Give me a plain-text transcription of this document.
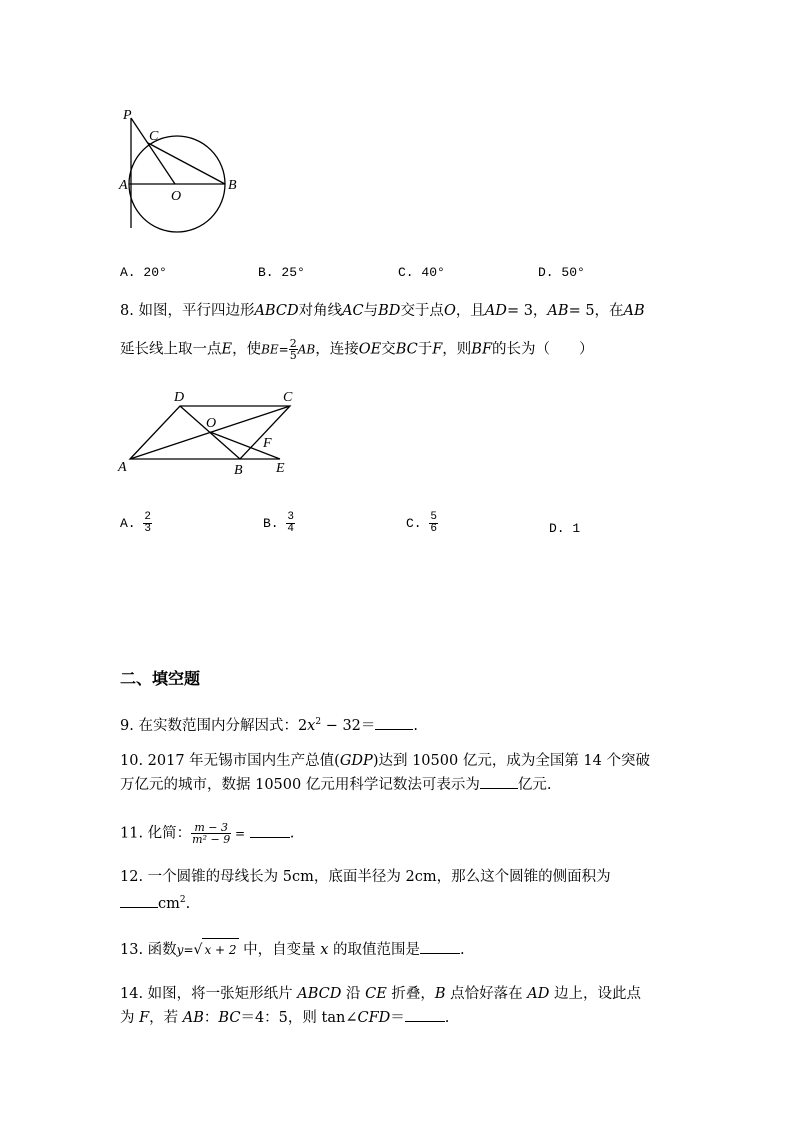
P
C
A
O
B
A. 20°	B. 25°	C. 40°	D. 50°
8. 如图，平行四边形ABCD对角线AC与BD交于点O，且AD= 3，AB= 5，在AB
延长线上取一点E，使$BE= \frac{2}{5}$ AB，连接OE交BC于F，则BF的长为（　　）
D	C
O
F
A	B E
A. $\frac{2}{3}$	B. $\frac{3}{4}$	C. $\frac{5}{6}$	D. 1
二、填空题
9. 在实数范围内分解因式：$2x^2 - 32=$	.
10. 2017 年无锡市国内生产总值(GDP)达到 10500 亿元，成为全国第 14 个突破
万亿元的城市，数据 10500 亿元用科学记数法可表示为	亿元.
11. 化简： $\frac{m - 3}{\text{m² − 9}}$ =	.
12. 一个圆锥的母线长为 5cm，底面半径为 2cm，那么这个圆锥的侧面积为
$cm^2$.
13. 函数y=√ x + 2 中，自变量 x 的取值范围是	.
14. 如图，将一张矩形纸片 ABCD 沿 CE 折叠，B 点恰好落在 AD 边上，设此点
为 F，若 AB：BC＝4：5，则 tan∠CFD＝	.
